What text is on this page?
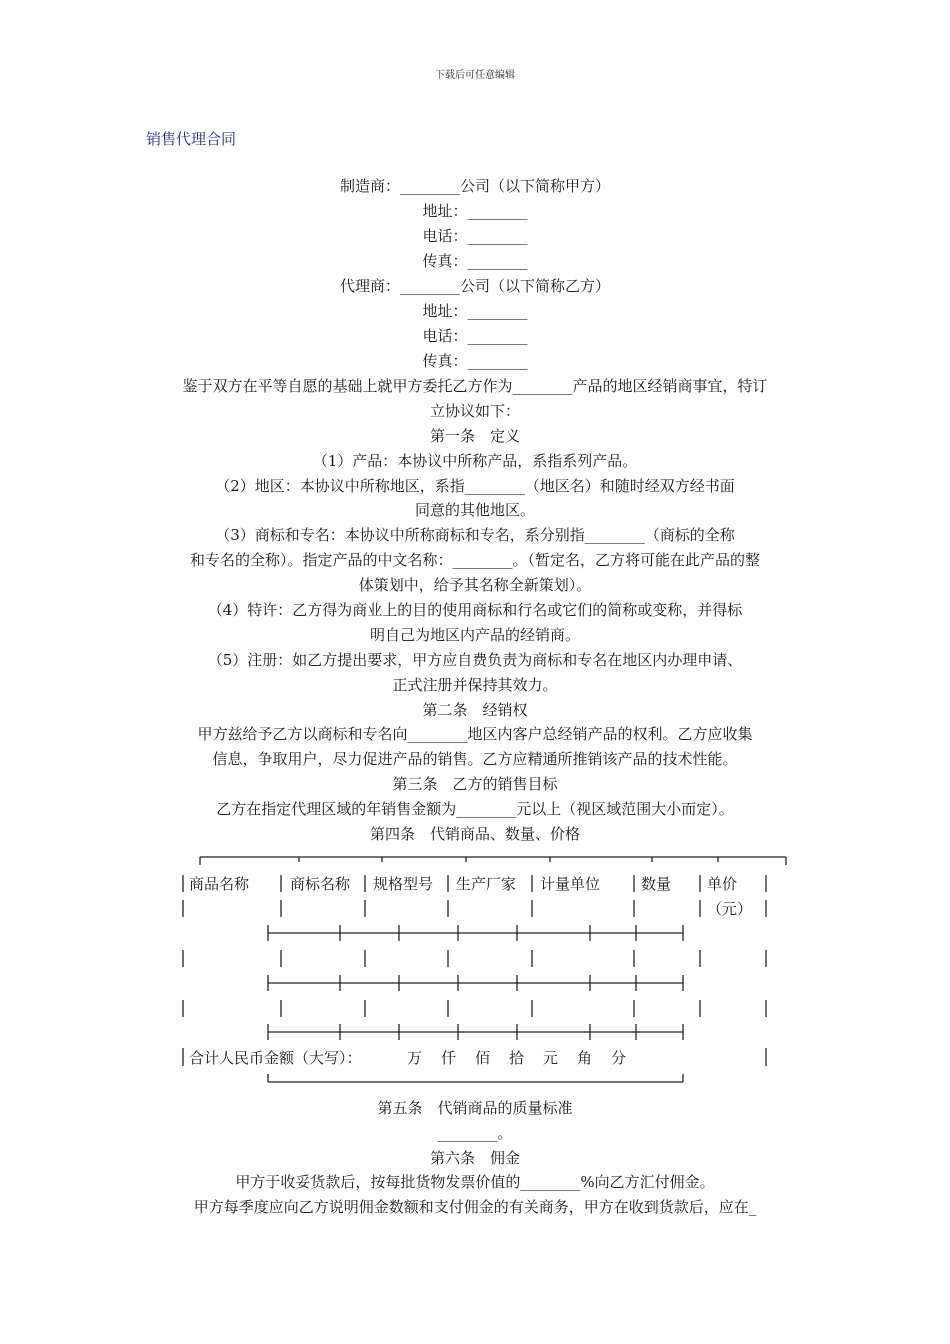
下载后可任意编辑
销售代理合同
制造商：________公司（以下简称甲方）
地址：________
电话：________
传真：________
代理商：________公司（以下简称乙方）
地址：________
电话：________
传真：________
鉴于双方在平等自愿的基础上就甲方委托乙方作为________产品的地区经销商事宜，特订
立协议如下：
第一条　定义
（1）产品：本协议中所称产品，系指系列产品。
（2）地区：本协议中所称地区，系指________（地区名）和随时经双方经书面
同意的其他地区。
（3）商标和专名：本协议中所称商标和专名，系分别指________（商标的全称
和专名的全称）。指定产品的中文名称：________。（暂定名，乙方将可能在此产品的整
体策划中，给予其名称全新策划）。
（4）特许：乙方得为商业上的目的使用商标和行名或它们的简称或变称，并得标
明自己为地区内产品的经销商。
（5）注册：如乙方提出要求，甲方应自费负责为商标和专名在地区内办理申请、
正式注册并保持其效力。
第二条　经销权
甲方兹给予乙方以商标和专名向________地区内客户总经销产品的权利。乙方应收集
信息，争取用户，尽力促进产品的销售。乙方应精通所推销该产品的技术性能。
第三条　乙方的销售目标
乙方在指定代理区域的年销售金额为________元以上（视区域范围大小而定）。
第四条　代销商品、数量、价格
商品名称	商标名称 规格型号 生产厂家 计量单位	数量 单价
（元）
合计人民币金额（大写）：	万　仟　佰　拾　元　角　分
第五条　代销商品的质量标准
________。
第六条　佣金
甲方于收妥货款后，按每批货物发票价值的________%向乙方汇付佣金。
甲方每季度应向乙方说明佣金数额和支付佣金的有关商务，甲方在收到货款后，应在_
